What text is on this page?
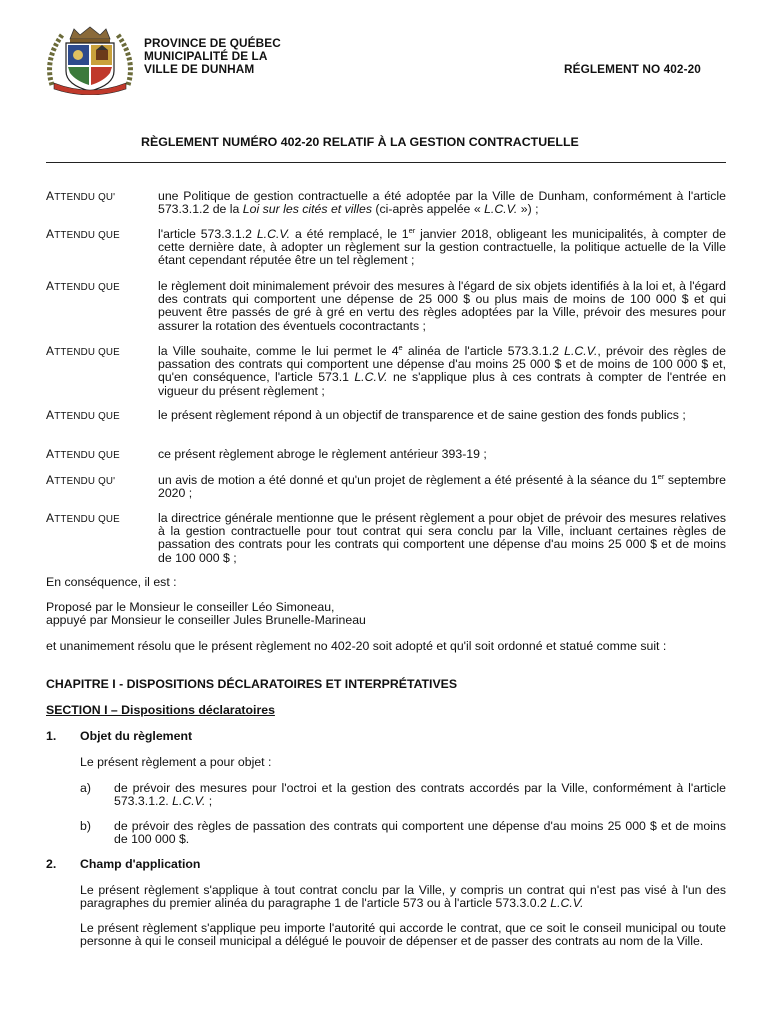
PROVINCE DE QUÉBEC
MUNICIPALITÉ DE LA
VILLE DE DUNHAM	RÉGLEMENT NO 402-20
RÈGLEMENT NUMÉRO 402-20 RELATIF À LA GESTION CONTRACTUELLE
ATTENDU QU'	une Politique de gestion contractuelle a été adoptée par la Ville de Dunham, conformément à l'article 573.3.1.2 de la Loi sur les cités et villes (ci-après appelée « L.C.V. ») ;
ATTENDU QUE	l'article 573.3.1.2 L.C.V. a été remplacé, le 1er janvier 2018, obligeant les municipalités, à compter de cette dernière date, à adopter un règlement sur la gestion contractuelle, la politique actuelle de la Ville étant cependant réputée être un tel règlement ;
ATTENDU QUE	le règlement doit minimalement prévoir des mesures à l'égard de six objets identifiés à la loi et, à l'égard des contrats qui comportent une dépense de 25 000 $ ou plus mais de moins de 100 000 $ et qui peuvent être passés de gré à gré en vertu des règles adoptées par la Ville, prévoir des mesures pour assurer la rotation des éventuels cocontractants ;
ATTENDU QUE	la Ville souhaite, comme le lui permet le 4e alinéa de l'article 573.3.1.2 L.C.V., prévoir des règles de passation des contrats qui comportent une dépense d'au moins 25 000 $ et de moins de 100 000 $ et, qu'en conséquence, l'article 573.1 L.C.V. ne s'applique plus à ces contrats à compter de l'entrée en vigueur du présent règlement ;
ATTENDU QUE	le présent règlement répond à un objectif de transparence et de saine gestion des fonds publics ;
ATTENDU QUE	ce présent règlement abroge le règlement antérieur 393-19 ;
ATTENDU QU'	un avis de motion a été donné et qu'un projet de règlement a été présenté à la séance du 1er septembre 2020 ;
ATTENDU QUE	la directrice générale mentionne que le présent règlement a pour objet de prévoir des mesures relatives à la gestion contractuelle pour tout contrat qui sera conclu par la Ville, incluant certaines règles de passation des contrats pour les contrats qui comportent une dépense d'au moins 25 000 $ et de moins de 100 000 $ ;
En conséquence, il est :
Proposé par le Monsieur le conseiller Léo Simoneau,
appuyé par Monsieur le conseiller Jules Brunelle-Marineau
et unanimement résolu que le présent règlement no 402-20 soit adopté et qu'il soit ordonné et statué comme suit :
CHAPITRE I - DISPOSITIONS DÉCLARATOIRES ET INTERPRÉTATIVES
SECTION I – Dispositions déclaratoires
1. Objet du règlement
Le présent règlement a pour objet :
a) de prévoir des mesures pour l'octroi et la gestion des contrats accordés par la Ville, conformément à l'article 573.3.1.2. L.C.V. ;
b) de prévoir des règles de passation des contrats qui comportent une dépense d'au moins 25 000 $ et de moins de 100 000 $.
2. Champ d'application
Le présent règlement s'applique à tout contrat conclu par la Ville, y compris un contrat qui n'est pas visé à l'un des paragraphes du premier alinéa du paragraphe 1 de l'article 573 ou à l'article 573.3.0.2 L.C.V.
Le présent règlement s'applique peu importe l'autorité qui accorde le contrat, que ce soit le conseil municipal ou toute personne à qui le conseil municipal a délégué le pouvoir de dépenser et de passer des contrats au nom de la Ville.
